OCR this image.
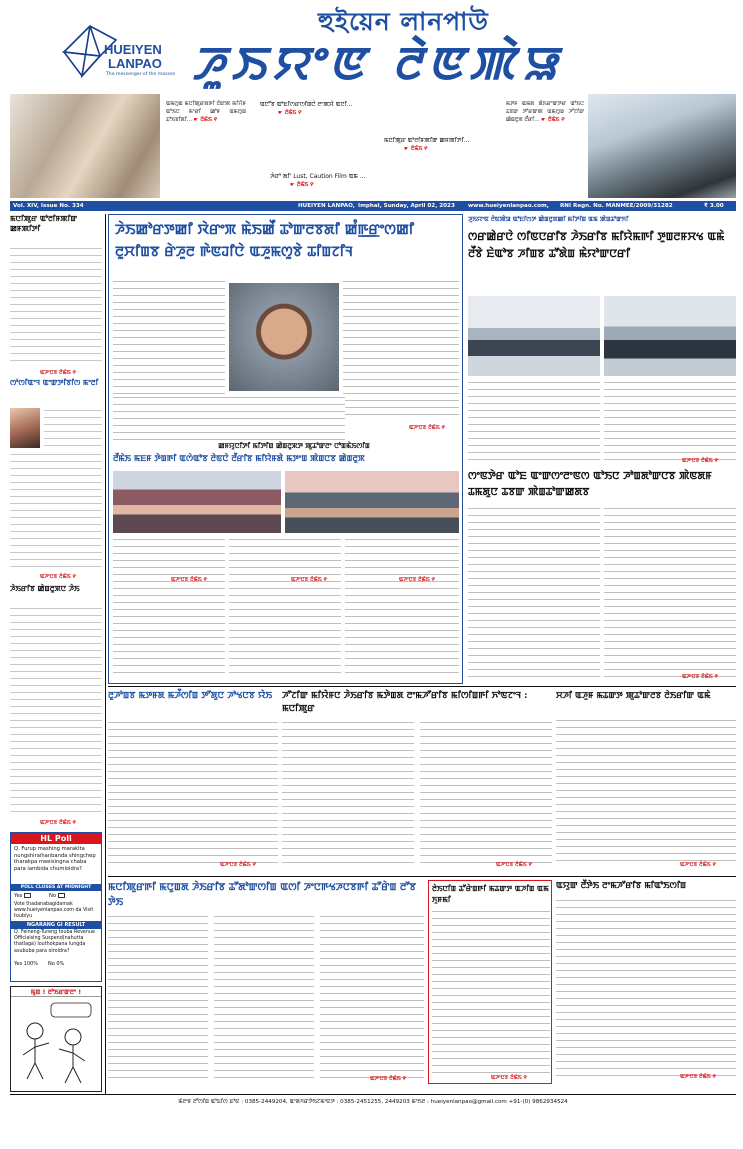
HUEIYEN
LANPAO
The messenger of the masses
হুইয়েন লানপাউ
ꯍꯨꯏꯌꯦꯟ ꯂꯥꯟꯄꯥꯎ
ꯑꯃꯁꯨꯡ ꯃꯅꯤꯄꯨꯔꯗꯒꯤ ꯂꯥꯛꯄ ꯃꯤꯌꯥꯝ ꯑꯣꯏꯅ ꯃꯦꯔꯤ ꯀꯣꯝ ꯑꯃꯁꯨꯡ ꯊꯣꯏꯕꯤꯗꯤ... ☛ ꯂꯥꯃꯥꯏ ꯵
ꯑꯅꯧꯕ ꯑꯣꯐꯤꯁꯔꯁꯤꯡꯅꯥ ꯂꯦꯄꯆꯥ ꯑꯅꯤ...
☛ ꯂꯥꯃꯥꯏ ꯵
ꯃꯅꯤꯄꯨꯔ ꯑꯣꯂꯤꯝꯄꯤꯛ ꯀꯝꯄꯤꯇꯤ...
☛ ꯂꯥꯃꯥꯏ ꯵
ꯍꯥꯔꯣ ꯗꯤ' Lust, Caution Film ꯑꯃ ...
☛ ꯂꯥꯃꯥꯏ ꯵
ꯃꯇꯝ ꯑꯃꯗ ꯗꯥꯏꯔꯦꯛꯇꯔ ꯑꯣꯏꯅ ꯊꯕꯛ ꯇꯧꯔꯛꯄ ꯑꯃꯁꯨꯡ ꯍꯧꯖꯤꯛ ꯀꯥꯡꯂꯨꯞ ꯂꯩꯔꯤ... ☛ ꯂꯥꯃꯥꯏ ꯵
Vol. XIV, Issue No. 334	HUEIYEN LANPAO, Imphal, Sunday, April 02, 2023 www.hueiyenlanpao.com, RNI Regn. No. MANMEE/2009/31282	₹ 3.00
ꯃꯅꯤꯄꯨꯔ ꯑꯣꯂꯤꯝꯄꯤꯛ ꯀꯝꯄꯤꯇꯤ
ꯑꯍꯦꯅꯕ ꯂꯥꯃꯥꯏ ꯵
ꯁꯣꯁꯤꯑꯦꯜ ꯑꯦꯛꯇꯤꯕꯤꯁ ꯃꯦꯂꯤ
ꯑꯍꯦꯅꯕ ꯂꯥꯃꯥꯏ ꯵
ꯍꯥꯏꯔꯤꯕ ꯀꯥꯡꯂꯨꯞꯅ ꯍꯥꯏ
ꯑꯍꯦꯅꯕ ꯂꯥꯃꯥꯏ ꯵
HL Poll
Q. Furup mashing maraklta nungshiraihanbanda shingchep tharakpa meeisingna chaba para lambida chumloidra?
POLL CLOSES AT MIDNIGHT
Yes	No
Vote thadanabagidamak www.hueiyenlanpao.com da Visit toubiyu
NGARANG GI RESULT
Q. Feineng-Tureng touba Revenue Officialsing Suspend(nahutta thatlaga) louthokpana lungda asububa para oiroidra?
Yes 100% No 0%
ꯃꯨꯡ ! ꯂꯣꯏꯔꯛꯂꯦ !
ꯍꯥꯏꯀꯣꯔꯇꯀꯤ ꯋꯥꯔꯦꯞ ꯃꯥꯏꯀꯩ ꯊꯣꯛꯂꯕꯗꯤ ꯀꯪꯒ꯭ꯔꯦꯁꯀꯤ ꯂꯨꯆꯤꯡꯕ ꯔꯥꯍꯨꯂ ꯒꯥꯟꯙꯤꯅꯥ ꯑꯍꯨꯃꯁꯨꯕꯥ ꯊꯤꯡꯖꯤꯜ
ꯑꯍꯦꯅꯕ ꯂꯥꯃꯥꯏ ꯵
ꯀꯝꯌꯨꯅꯤꯇꯤ ꯃꯤꯇꯤꯡ ꯀꯥꯡꯂꯨꯞꯇ ꯄꯨꯊꯣꯛꯂꯦ ꯅꯣꯡꯃꯥꯏꯁꯤꯡ
ꯂꯩꯃꯥꯏ ꯃꯐꯝ ꯇꯥꯡꯒꯤ ꯑꯁꯥꯑꯣꯕ ꯂꯥꯟꯅꯥ ꯂꯩꯔꯤꯕ ꯃꯤꯌꯥꯝꯗꯥ ꯃꯇꯦꯡ ꯄꯥꯡꯅꯕ ꯀꯥꯡꯂꯨꯞ
ꯑꯍꯦꯅꯕ ꯂꯥꯃꯥꯏ ꯵	ꯑꯍꯦꯅꯕ ꯂꯥꯃꯥꯏ ꯵	ꯑꯍꯦꯅꯕ ꯂꯥꯃꯥꯏ ꯵
ꯍꯨꯏꯌꯦꯟ ꯂꯥꯟꯄꯥꯎ ꯑꯣꯐꯤꯁꯇ ꯀꯥꯡꯂꯨꯞꯀꯤ ꯃꯤꯇꯤꯡ ꯑꯃ ꯄꯥꯡꯊꯣꯛꯈꯤ
ꯁꯔꯀꯥꯔꯅꯥ ꯁꯤꯟꯅꯔꯤꯕ ꯍꯥꯏꯔꯤꯕ ꯃꯤꯌꯥꯃꯒꯤ ꯇꯨꯡꯂꯝꯆꯠ ꯑꯃꯥ ꯂꯩꯕꯥ ꯐꯥꯑꯣꯕ ꯍꯤꯡꯕ ꯊꯧꯗꯥꯡ ꯃꯥꯌꯣꯛꯅꯔꯤ
ꯑꯍꯦꯅꯕ ꯂꯥꯃꯥꯏ ꯵
ꯁꯦꯟꯇꯥꯔ ꯑꯣꯐ ꯑꯦꯛꯁꯦꯂꯦꯟꯁ ꯑꯣꯏꯅ ꯍꯣꯡꯗꯣꯛꯅꯕ ꯄꯥꯟꯗꯝ ꯊꯃꯗꯨꯅ ꯊꯕꯛ ꯄꯥꯡꯊꯣꯛꯀꯗꯕ
ꯑꯍꯦꯅꯕ ꯂꯥꯃꯥꯏ ꯵
ꯂꯨꯍꯣꯡꯕ ꯃꯇꯝꯗ ꯃꯍꯩꯁꯤꯡ ꯇꯧꯗꯨꯅ ꯍꯣꯠꯅꯕ ꯌꯥꯏ
ꯑꯍꯦꯅꯕ ꯂꯥꯃꯥꯏ ꯵
ꯍꯧꯖꯤꯛ ꯃꯤꯌꯥꯝꯅ ꯍꯥꯏꯔꯤꯕ ꯃꯇꯥꯡꯗ ꯂꯦꯃꯍꯧꯔꯤꯕ ꯃꯤꯁꯤꯡꯒꯤ ꯈꯣꯟꯖꯦꯜ : ꯃꯅꯤꯄꯨꯔ
ꯑꯍꯦꯅꯕ ꯂꯥꯃꯥꯏ ꯵
ꯆꯍꯤ ꯑꯍꯨꯝ ꯃꯊꯛꯇ ꯄꯨꯊꯣꯛꯂꯕ ꯂꯥꯏꯔꯤꯛ ꯑꯃꯥ
ꯑꯍꯦꯅꯕ ꯂꯥꯃꯥꯏ ꯵
ꯃꯅꯤꯄꯨꯔꯒꯤ ꯃꯅꯨꯡꯗ ꯍꯥꯏꯔꯤꯕ ꯊꯧꯗꯣꯛꯁꯤꯡ ꯑꯁꯤ ꯍꯦꯅꯒꯠꯍꯅꯕꯒꯤ ꯊꯧꯔꯥꯡ ꯂꯧꯕ ꯇꯥꯏ
ꯑꯍꯦꯅꯕ ꯂꯥꯃꯥꯏ ꯵
ꯂꯥꯏꯅꯤꯡ ꯊꯧꯔꯥꯡꯒꯤ ꯃꯊꯛꯇ ꯑꯍꯤꯡ ꯑꯃ ꯈꯨꯝꯃꯤ
ꯑꯍꯦꯅꯕ ꯂꯥꯃꯥꯏ ꯵
ꯑꯌꯨꯛ ꯂꯩꯇꯥꯏ ꯂꯦꯃꯍꯧꯔꯤꯕ ꯃꯤꯑꯣꯏꯁꯤꯡ
ꯑꯍꯦꯅꯕ ꯂꯥꯃꯥꯏ ꯵
ꯃꯥꯂꯦꯝ ꯂꯧꯁꯤꯡ ꯑꯣꯐꯤꯁ ꯐꯣꯟ : 0385-2449204, ꯑꯦꯗꯚꯔꯇꯥꯏꯖꯃꯦꯟꯇ : 0385-2451255, 2449203 ꯃꯦꯏꯂ : hueiyenlanpao@gmail.com +91-(0) 9862934524
